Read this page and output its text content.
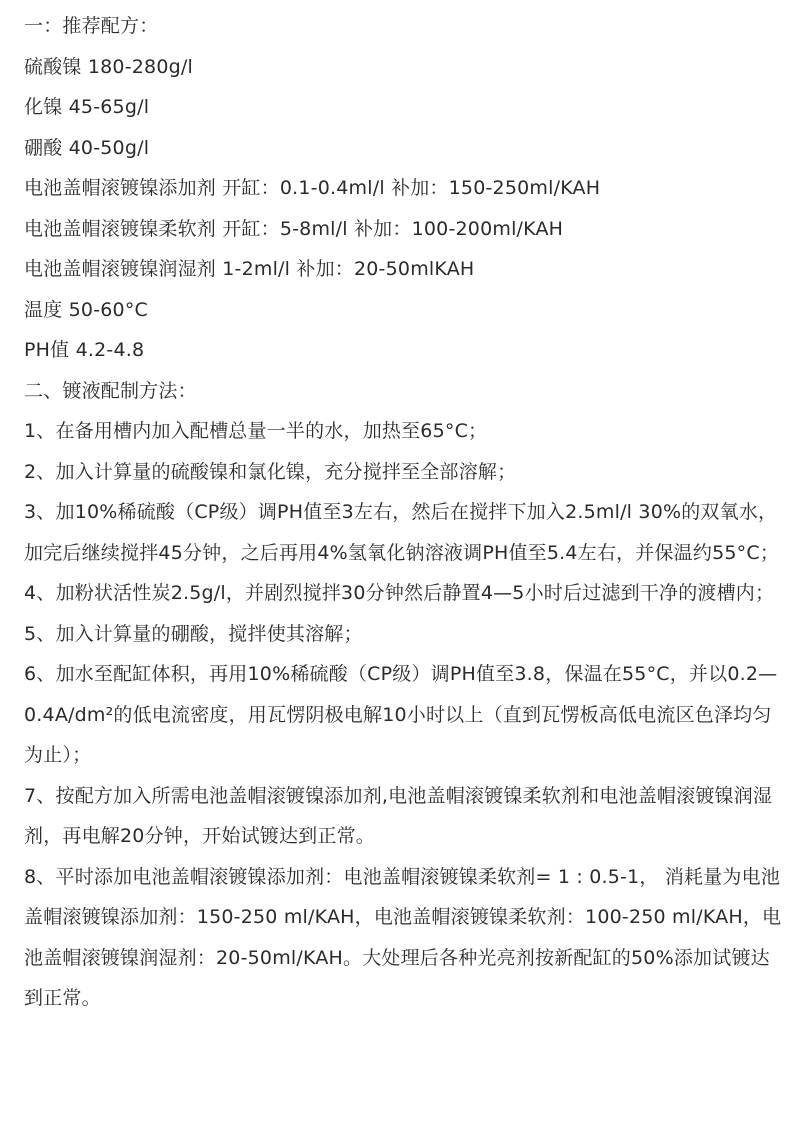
一：推荐配方：
硫酸镍 180-280g/l
化镍 45-65g/l
硼酸 40-50g/l
电池盖帽滚镀镍添加剂 开缸：0.1-0.4ml/l 补加：150-250ml/KAH
电池盖帽滚镀镍柔软剂 开缸：5-8ml/l 补加：100-200ml/KAH
电池盖帽滚镀镍润湿剂 1-2ml/l 补加：20-50mlKAH
温度 50-60°C
PH值 4.2-4.8
二、镀液配制方法：
1、在备用槽内加入配槽总量一半的水，加热至65°C；
2、加入计算量的硫酸镍和氯化镍，充分搅拌至全部溶解；
3、加10%稀硫酸（CP级）调PH值至3左右，然后在搅拌下加入2.5ml/l 30%的双氧水，加完后继续搅拌45分钟，之后再用4%氢氧化钠溶液调PH值至5.4左右，并保温约55°C；
4、加粉状活性炭2.5g/l，并剧烈搅拌30分钟然后静置4—5小时后过滤到干净的渡槽内；
5、加入计算量的硼酸，搅拌使其溶解；
6、加水至配缸体积，再用10%稀硫酸（CP级）调PH值至3.8，保温在55°C，并以0.2—0.4A/dm²的低电流密度，用瓦愣阴极电解10小时以上（直到瓦愣板高低电流区色泽均匀为止）；
7、按配方加入所需电池盖帽滚镀镍添加剂,电池盖帽滚镀镍柔软剂和电池盖帽滚镀镍润湿剂，再电解20分钟，开始试镀达到正常。
8、平时添加电池盖帽滚镀镍添加剂：电池盖帽滚镀镍柔软剂= 1 : 0.5-1， 消耗量为电池盖帽滚镀镍添加剂：150-250 ml/KAH，电池盖帽滚镀镍柔软剂：100-250 ml/KAH，电池盖帽滚镀镍润湿剂：20-50ml/KAH。大处理后各种光亮剂按新配缸的50%添加试镀达到正常。
